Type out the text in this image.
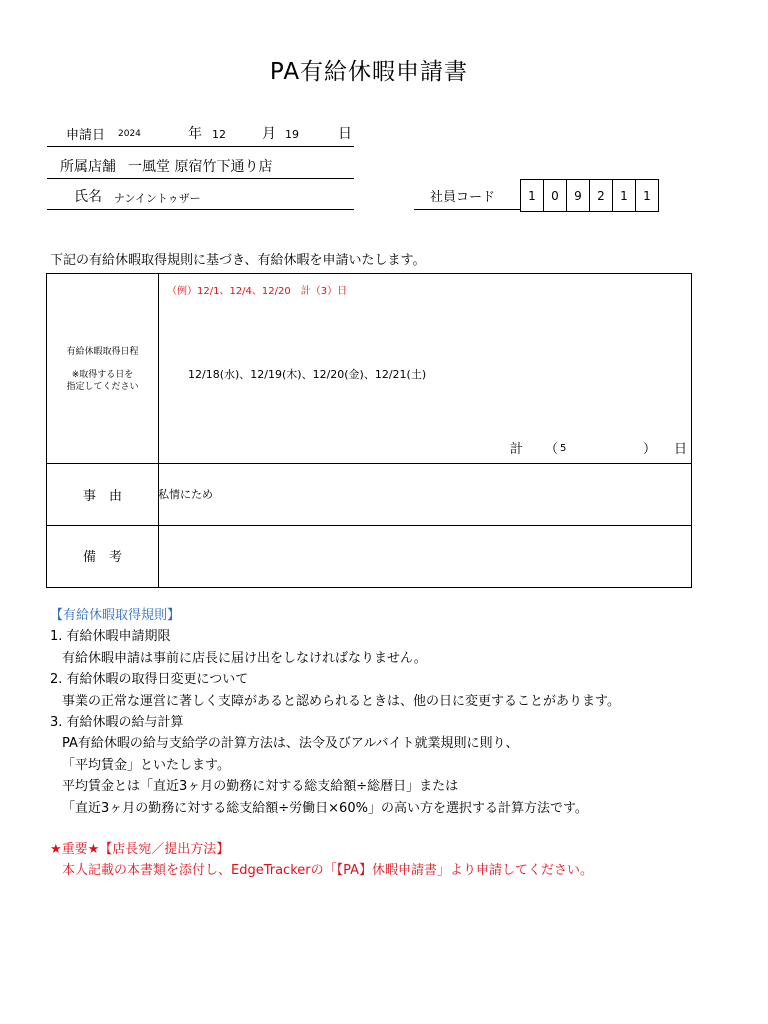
PA有給休暇申請書
申請日 2024	年 12	月 19	日
所属店舗 一風堂 原宿竹下通り店
氏名 ナンイントゥザー	社員コード	1	0	9	2	1	1
下記の有給休暇取得規則に基づき、有給休暇を申請いたします。
有給休暇取得日程
※取得する日を
指定してください
（例）12/1、12/4、12/20　計（3）日
12/18(水)、12/19(木)、12/20(金)、12/21(土)
計 （ 5	） 日
事　由	私情にため
備　考
【有給休暇取得規則】
1. 有給休暇申請期限
有給休暇申請は事前に店長に届け出をしなければなりません。
2. 有給休暇の取得日変更について
事業の正常な運営に著しく支障があると認められるときは、他の日に変更することがあります。
3. 有給休暇の給与計算
PA有給休暇の給与支給学の計算方法は、法令及びアルバイト就業規則に則り、
「平均賃金」といたします。
平均賃金とは「直近3ヶ月の勤務に対する総支給額÷総暦日」または
「直近3ヶ月の勤務に対する総支給額÷労働日×60%」の高い方を選択する計算方法です。
★重要★【店長宛／提出方法】
本人記載の本書類を添付し、EdgeTrackerの「【PA】休暇申請書」より申請してください。
